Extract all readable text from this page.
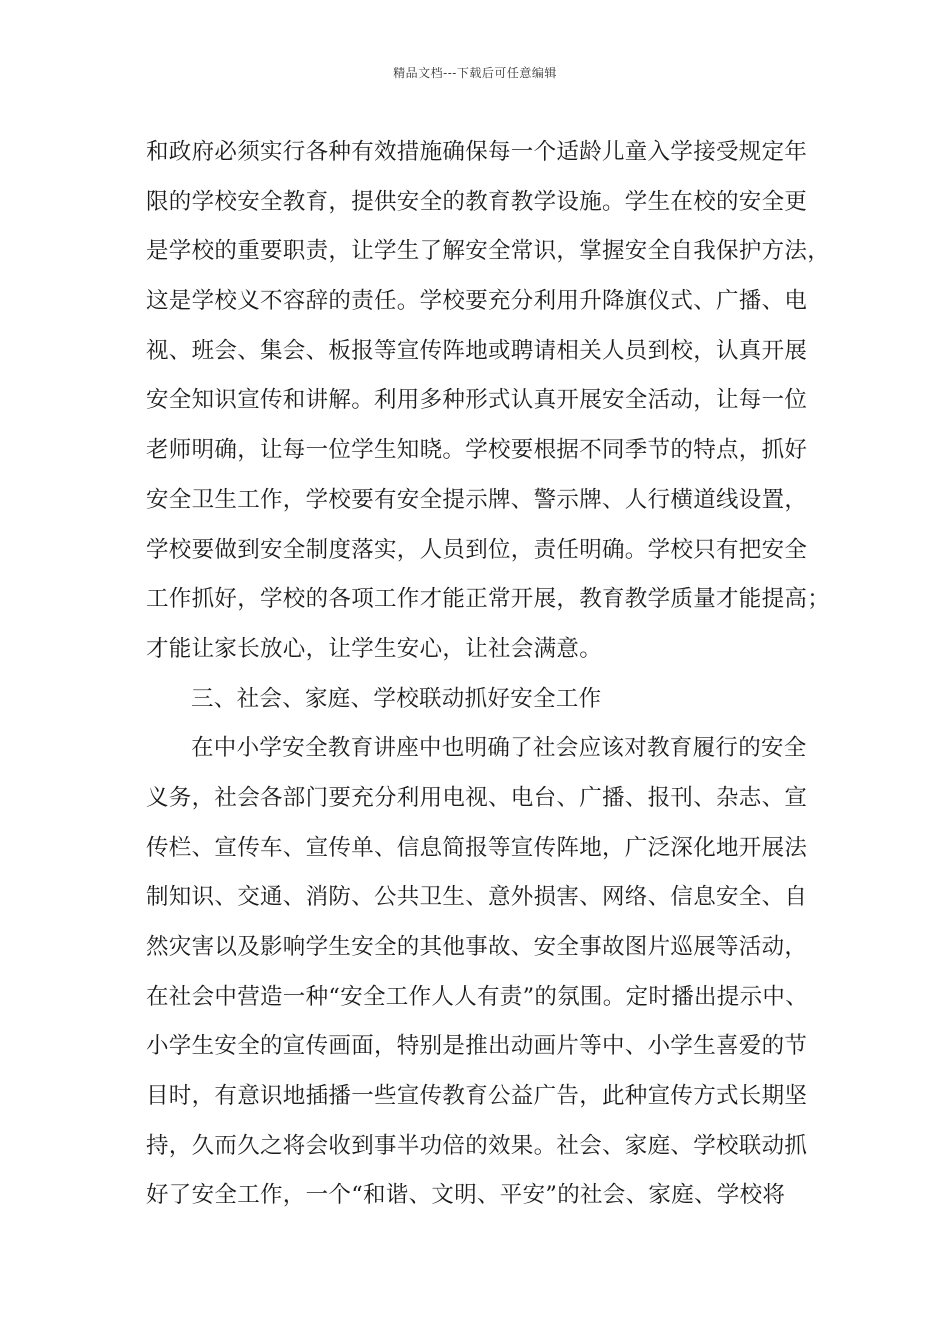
精品文档---下载后可任意编辑
和政府必须实行各种有效措施确保每一个适龄儿童入学接受规定年
限的学校安全教育，提供安全的教育教学设施。学生在校的安全更
是学校的重要职责，让学生了解安全常识，掌握安全自我保护方法，
这是学校义不容辞的责任。学校要充分利用升降旗仪式、广播、电
视、班会、集会、板报等宣传阵地或聘请相关人员到校，认真开展
安全知识宣传和讲解。利用多种形式认真开展安全活动，让每一位
老师明确，让每一位学生知晓。学校要根据不同季节的特点，抓好
安全卫生工作，学校要有安全提示牌、警示牌、人行横道线设置，
学校要做到安全制度落实，人员到位，责任明确。学校只有把安全
工作抓好，学校的各项工作才能正常开展，教育教学质量才能提高；
才能让家长放心，让学生安心，让社会满意。
三、社会、家庭、学校联动抓好安全工作
在中小学安全教育讲座中也明确了社会应该对教育履行的安全
义务，社会各部门要充分利用电视、电台、广播、报刊、杂志、宣
传栏、宣传车、宣传单、信息简报等宣传阵地，广泛深化地开展法
制知识、交通、消防、公共卫生、意外损害、网络、信息安全、自
然灾害以及影响学生安全的其他事故、安全事故图片巡展等活动，
在社会中营造一种“安全工作人人有责”的氛围。定时播出提示中、
小学生安全的宣传画面，特别是推出动画片等中、小学生喜爱的节
目时，有意识地插播一些宣传教育公益广告，此种宣传方式长期坚
持，久而久之将会收到事半功倍的效果。社会、家庭、学校联动抓
好了安全工作，一个“和谐、文明、平安”的社会、家庭、学校将
